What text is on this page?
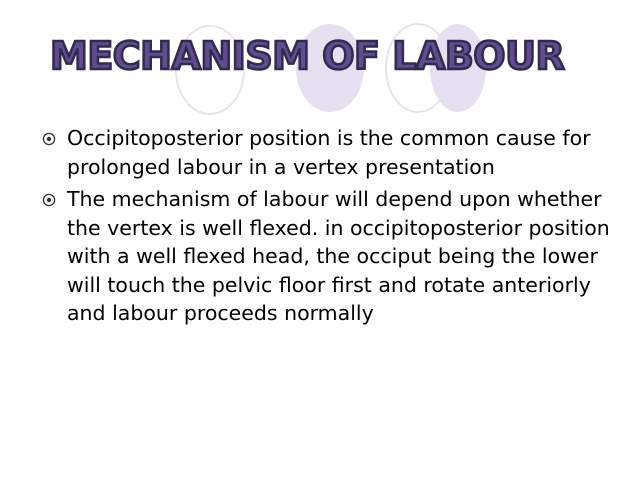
MECHANISM OF LABOUR
Occipitoposterior position is the common cause for prolonged labour in a vertex presentation
The mechanism of labour will depend upon whether the vertex is well flexed. in occipitoposterior position with a well flexed head, the occiput being the lower will touch the pelvic floor first and rotate anteriorly and labour proceeds normally
